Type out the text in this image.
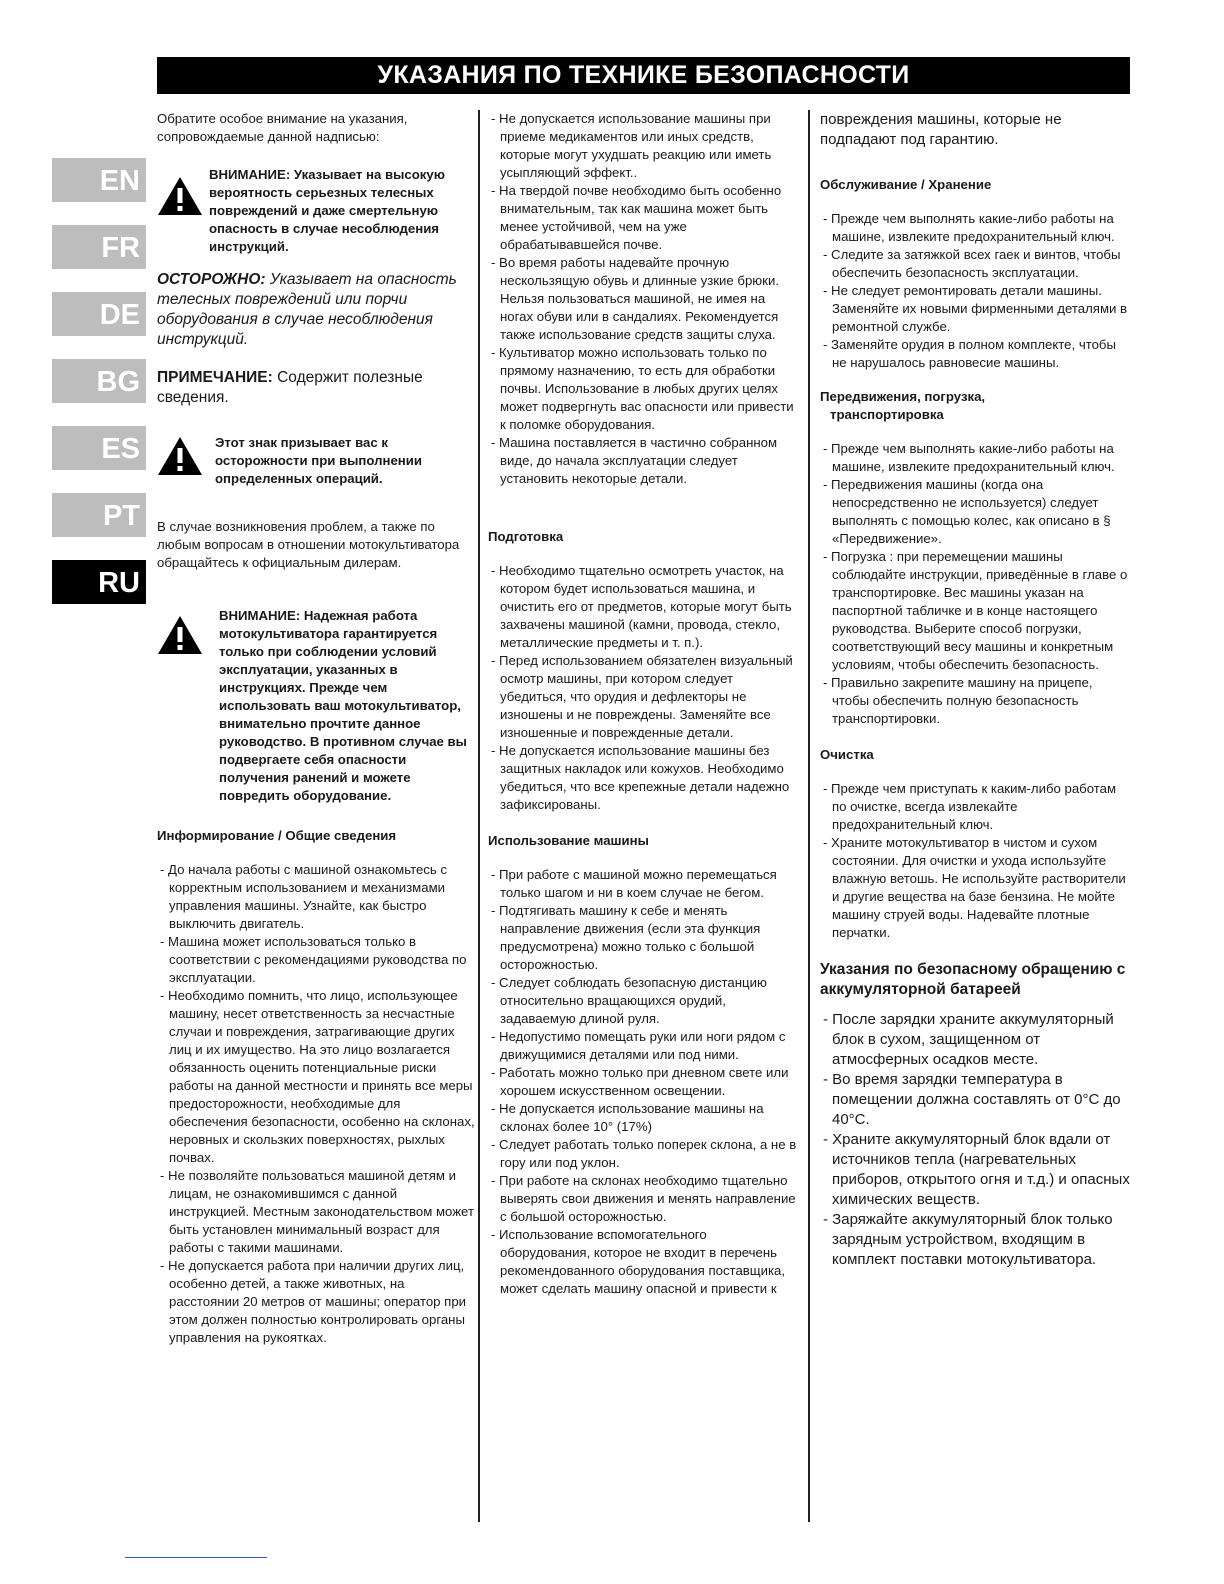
УКАЗАНИЯ ПО ТЕХНИКЕ БЕЗОПАСНОСТИ
EN
FR
DE
BG
ES
PT
RU

Обратите особое внимание на указания, сопровождаемые данной надписью:

ВНИМАНИЕ: Указывает на высокую вероятность серьезных телесных повреждений и даже смертельную опасность в случае несоблюдения инструкций.

ОСТОРОЖНО: Указывает на опасность телесных повреждений или порчи оборудования в случае несоблюдения инструкций.

ПРИМЕЧАНИЕ: Содержит полезные сведения.

Этот знак призывает вас к осторожности при выполнении определенных операций.

В случае возникновения проблем, а также по любым вопросам в отношении мотокультиватора обращайтесь к официальным дилерам.

ВНИМАНИЕ: Надежная работа мотокультиватора гарантируется только при соблюдении условий эксплуатации, указанных в инструкциях. Прежде чем использовать ваш мотокультиватор, внимательно прочтите данное руководство. В противном случае вы подвергаете себя опасности получения ранений и можете повредить оборудование.

Информирование / Общие сведения

- До начала работы с машиной ознакомьтесь с корректным использованием и механизмами управления машины. Узнайте, как быстро выключить двигатель.

- Машина может использоваться только в соответствии с рекомендациями руководства по эксплуатации.

- Необходимо помнить, что лицо, использующее машину, несет ответственность за несчастные случаи и повреждения, затрагивающие других лиц и их имущество. На это лицо возлагается обязанность оценить потенциальные риски работы на данной местности и принять все меры предосторожности, необходимые для обеспечения безопасности, особенно на склонах, неровных и скользких поверхностях, рыхлых почвах.

- Не позволяйте пользоваться машиной детям и лицам, не ознакомившимся с данной инструкцией. Местным законодательством может быть установлен минимальный возраст для работы с такими машинами.

- Не допускается работа при наличии других лиц, особенно детей, а также животных, на расстоянии 20 метров от машины; оператор при этом должен полностью контролировать органы управления на рукоятках.

- Не допускается использование машины при приеме медикаментов или иных средств, которые могут ухудшать реакцию или иметь усыпляющий эффект..

- На твердой почве необходимо быть особенно внимательным, так как машина может быть менее устойчивой, чем на уже обрабатывавшейся почве.

- Во время работы надевайте прочную нескользящую обувь и длинные узкие брюки. Нельзя пользоваться машиной, не имея на ногах обуви или в сандалиях. Рекомендуется также использование средств защиты слуха.

- Культиватор можно использовать только по прямому назначению, то есть для обработки почвы. Использование в любых других целях может подвергнуть вас опасности или привести к поломке оборудования.

- Машина поставляется в частично собранном виде, до начала эксплуатации следует установить некоторые детали.

Подготовка

- Необходимо тщательно осмотреть участок, на котором будет использоваться машина, и очистить его от предметов, которые могут быть захвачены машиной (камни, провода, стекло, металлические предметы и т. п.).

- Перед использованием обязателен визуальный осмотр машины, при котором следует убедиться, что орудия и дефлекторы не изношены и не повреждены. Заменяйте все изношенные и поврежденные детали.

- Не допускается использование машины без защитных накладок или кожухов. Необходимо убедиться, что все крепежные детали надежно зафиксированы.

Использование машины

- При работе с машиной можно перемещаться только шагом и ни в коем случае не бегом.

- Подтягивать машину к себе и менять направление движения (если эта функция предусмотрена) можно только с большой осторожностью.

- Следует соблюдать безопасную дистанцию относительно вращающихся орудий, задаваемую длиной руля.

- Недопустимо помещать руки или ноги рядом с движущимися деталями или под ними.

- Работать можно только при дневном свете или хорошем искусственном освещении.

- Не допускается использование машины на склонах более 10° (17%)

- Следует работать только поперек склона, а не в гору или под уклон.

- При работе на склонах необходимо тщательно выверять свои движения и менять направление с большой осторожностью.

- Использование вспомогательного оборудования, которое не входит в перечень рекомендованного оборудования поставщика, может сделать машину опасной и привести к

повреждения машины, которые не подпадают под гарантию.

Обслуживание / Хранение

- Прежде чем выполнять какие-либо работы на машине, извлеките предохранительный ключ.

- Следите за затяжкой всех гаек и винтов, чтобы обеспечить безопасность эксплуатации.

- Не следует ремонтировать детали машины. Заменяйте их новыми фирменными деталями в ремонтной службе.

- Заменяйте орудия в полном комплекте, чтобы не нарушалось равновесие машины.

Передвижения, погрузка,

транспортировка

- Прежде чем выполнять какие-либо работы на машине, извлеките предохранительный ключ.

- Передвижения машины (когда она непосредственно не используется) следует выполнять с помощью колес, как описано в § «Передвижение».

- Погрузка : при перемещении машины соблюдайте инструкции, приведённые в главе о транспортировке. Вес машины указан на паспортной табличке и в конце настоящего руководства. Выберите способ погрузки, соответствующий весу машины и конкретным условиям, чтобы обеспечить безопасность.

- Правильно закрепите машину на прицепе, чтобы обеспечить полную безопасность транспортировки.

Очистка

- Прежде чем приступать к каким-либо работам по очистке, всегда извлекайте предохранительный ключ.

- Храните мотокультиватор в чистом и сухом состоянии. Для очистки и ухода используйте влажную ветошь. Не используйте растворители и другие вещества на базе бензина. Не мойте машину струей воды. Надевайте плотные перчатки.

Указания по безопасному обращению с аккумуляторной батареей

- После зарядки храните аккумуляторный блок в сухом, защищенном от атмосферных осадков месте.

- Во время зарядки температура в помещении должна составлять от 0°C до 40°C.

- Храните аккумуляторный блок вдали от источников тепла (нагревательных приборов, открытого огня и т.д.) и опасных химических веществ.

- Заряжайте аккумуляторный блок только зарядным устройством, входящим в комплект поставки мотокультиватора.
